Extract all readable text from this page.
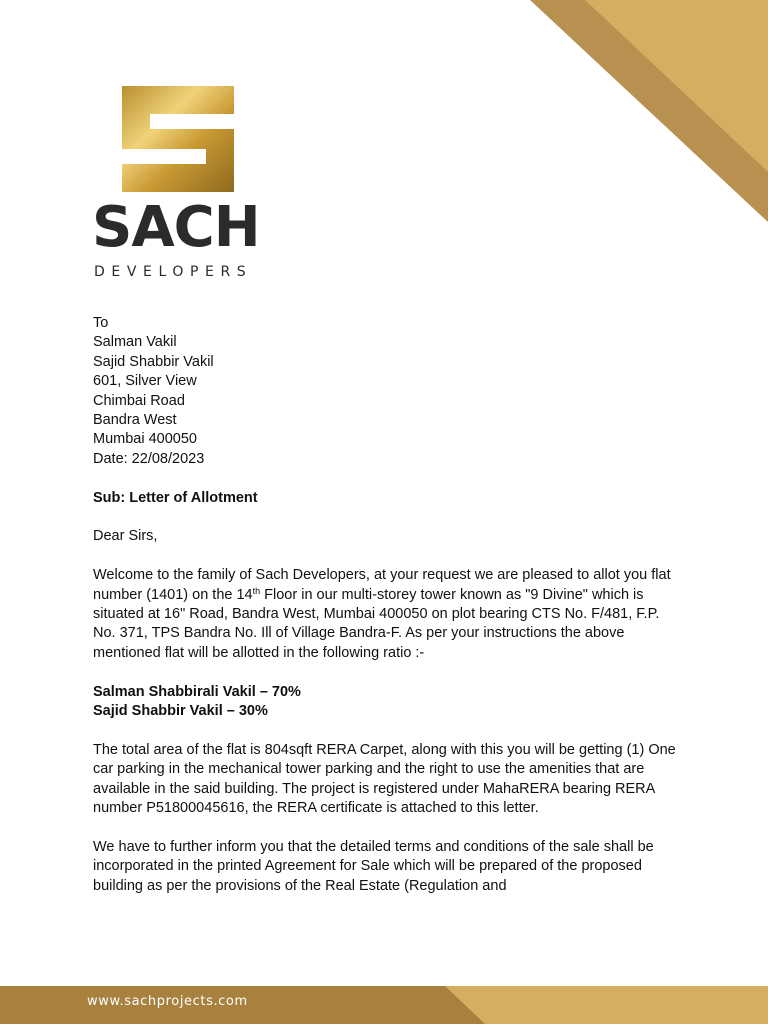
SACH
DEVELOPERS
To
Salman Vakil
Sajid Shabbir Vakil
601, Silver View
Chimbai Road
Bandra West
Mumbai 400050
Date: 22/08/2023

Sub: Letter of Allotment

Dear Sirs,

Welcome to the family of Sach Developers, at your request we are pleased to allot you flat number (1401) on the 14th Floor in our multi-storey tower known as "9 Divine" which is situated at 16" Road, Bandra West, Mumbai 400050 on plot bearing CTS No. F/481, F.P. No. 371, TPS Bandra No. Ill of Village Bandra-F. As per your instructions the above mentioned flat will be allotted in the following ratio :-

Salman Shabbirali Vakil – 70%

Sajid Shabbir Vakil – 30%

The total area of the flat is 804sqft RERA Carpet, along with this you will be getting (1) One car parking in the mechanical tower parking and the right to use the amenities that are available in the said building. The project is registered under MahaRERA bearing RERA number P51800045616, the RERA certificate is attached to this letter.

We have to further inform you that the detailed terms and conditions of the sale shall be incorporated in the printed Agreement for Sale which will be prepared of the proposed building as per the provisions of the Real Estate (Regulation and

www.sachprojects.com
